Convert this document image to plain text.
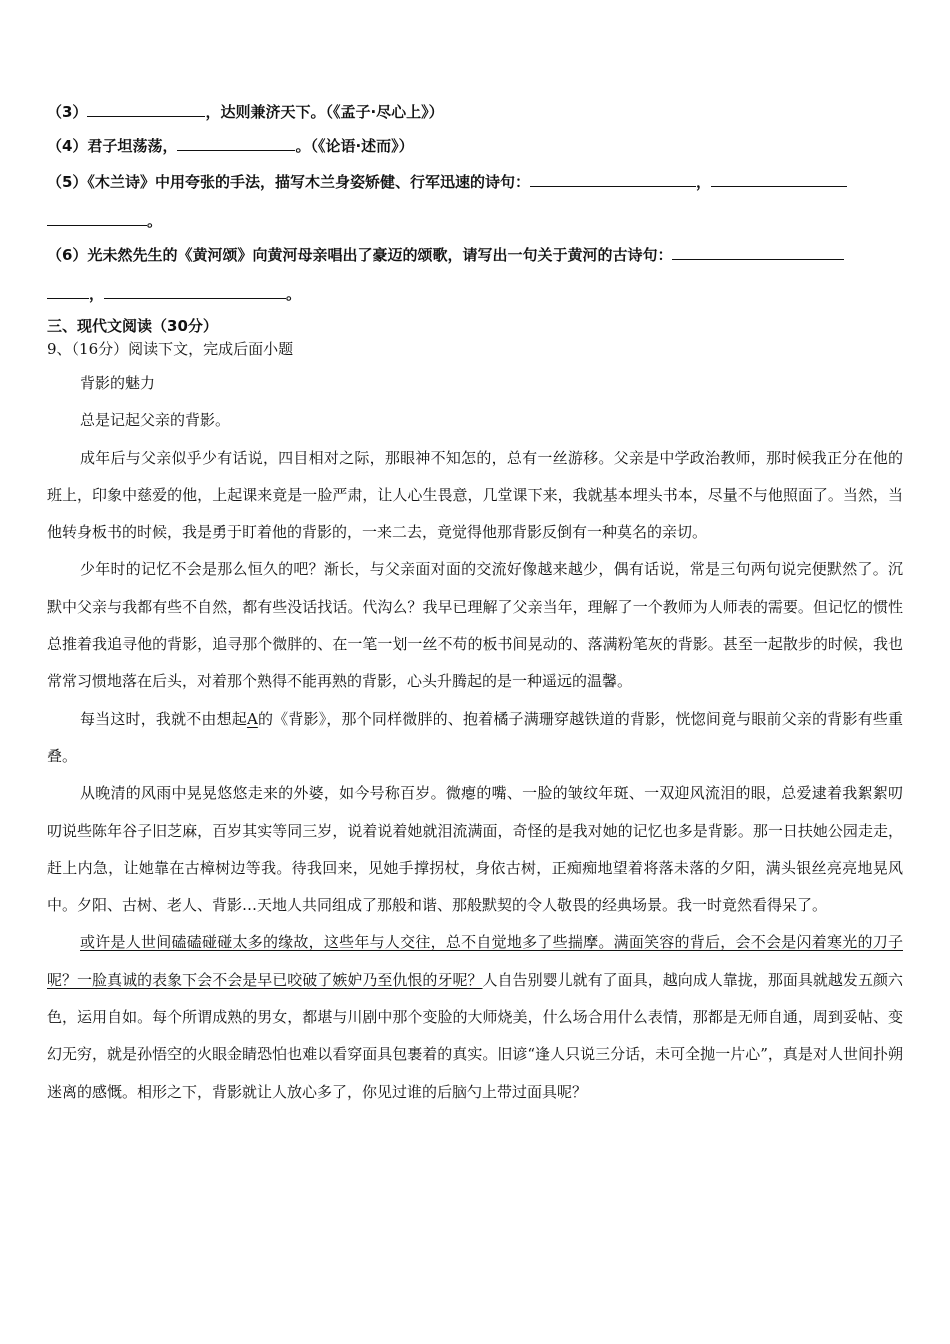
（3）	，达则兼济天下。（《孟子·尽心上》）
（4）君子坦荡荡，	。（《论语·述而》）
（5）《木兰诗》中用夸张的手法，描写木兰身姿矫健、行军迅速的诗句：	，
。
（6）光未然先生的《黄河颂》向黄河母亲唱出了豪迈的颂歌，请写出一句关于黄河的古诗句：
，	。
三、现代文阅读（30分）
9、（16分）阅读下文，完成后面小题

背影的魅力

总是记起父亲的背影。

成年后与父亲似乎少有话说，四目相对之际，那眼神不知怎的，总有一丝游移。父亲是中学政治教师，那时候我正分在他的班上，印象中慈爱的他，上起课来竟是一脸严肃，让人心生畏意，几堂课下来，我就基本埋头书本，尽量不与他照面了。当然，当他转身板书的时候，我是勇于盯着他的背影的，一来二去，竟觉得他那背影反倒有一种莫名的亲切。

少年时的记忆不会是那么恒久的吧？渐长，与父亲面对面的交流好像越来越少，偶有话说，常是三句两句说完便默然了。沉默中父亲与我都有些不自然，都有些没话找话。代沟么？我早已理解了父亲当年，理解了一个教师为人师表的需要。但记忆的惯性总推着我追寻他的背影，追寻那个微胖的、在一笔一划一丝不苟的板书间晃动的、落满粉笔灰的背影。甚至一起散步的时候，我也常常习惯地落在后头，对着那个熟得不能再熟的背影，心头升腾起的是一种遥远的温馨。

每当这时，我就不由想起A的《背影》，那个同样微胖的、抱着橘子满珊穿越铁道的背影，恍惚间竟与眼前父亲的背影有些重叠。

从晚清的风雨中晃晃悠悠走来的外婆，如今号称百岁。微瘪的嘴、一脸的皱纹年斑、一双迎风流泪的眼，总爱逮着我絮絮叨叨说些陈年谷子旧芝麻，百岁其实等同三岁，说着说着她就泪流满面，奇怪的是我对她的记忆也多是背影。那一日扶她公园走走，赶上内急，让她靠在古樟树边等我。待我回来，见她手撑拐杖，身依古树，正痴痴地望着将落未落的夕阳，满头银丝亮亮地晃风中。夕阳、古树、老人、背影…天地人共同组成了那般和谐、那般默契的令人敬畏的经典场景。我一时竟然看得呆了。

或许是人世间磕磕碰碰太多的缘故，这些年与人交往，总不自觉地多了些揣摩。满面笑容的背后，会不会是闪着寒光的刀子呢？一脸真诚的表象下会不会是早已咬破了嫉妒乃至仇恨的牙呢？人自告别婴儿就有了面具，越向成人靠拢，那面具就越发五颜六色，运用自如。每个所谓成熟的男女，都堪与川剧中那个变脸的大师烧美，什么场合用什么表情，那都是无师自通，周到妥帖、变幻无穷，就是孙悟空的火眼金睛恐怕也难以看穿面具包裹着的真实。旧谚“逢人只说三分话，未可全抛一片心”，真是对人世间扑朔迷离的感慨。相形之下，背影就让人放心多了，你见过谁的后脑勺上带过面具呢？
